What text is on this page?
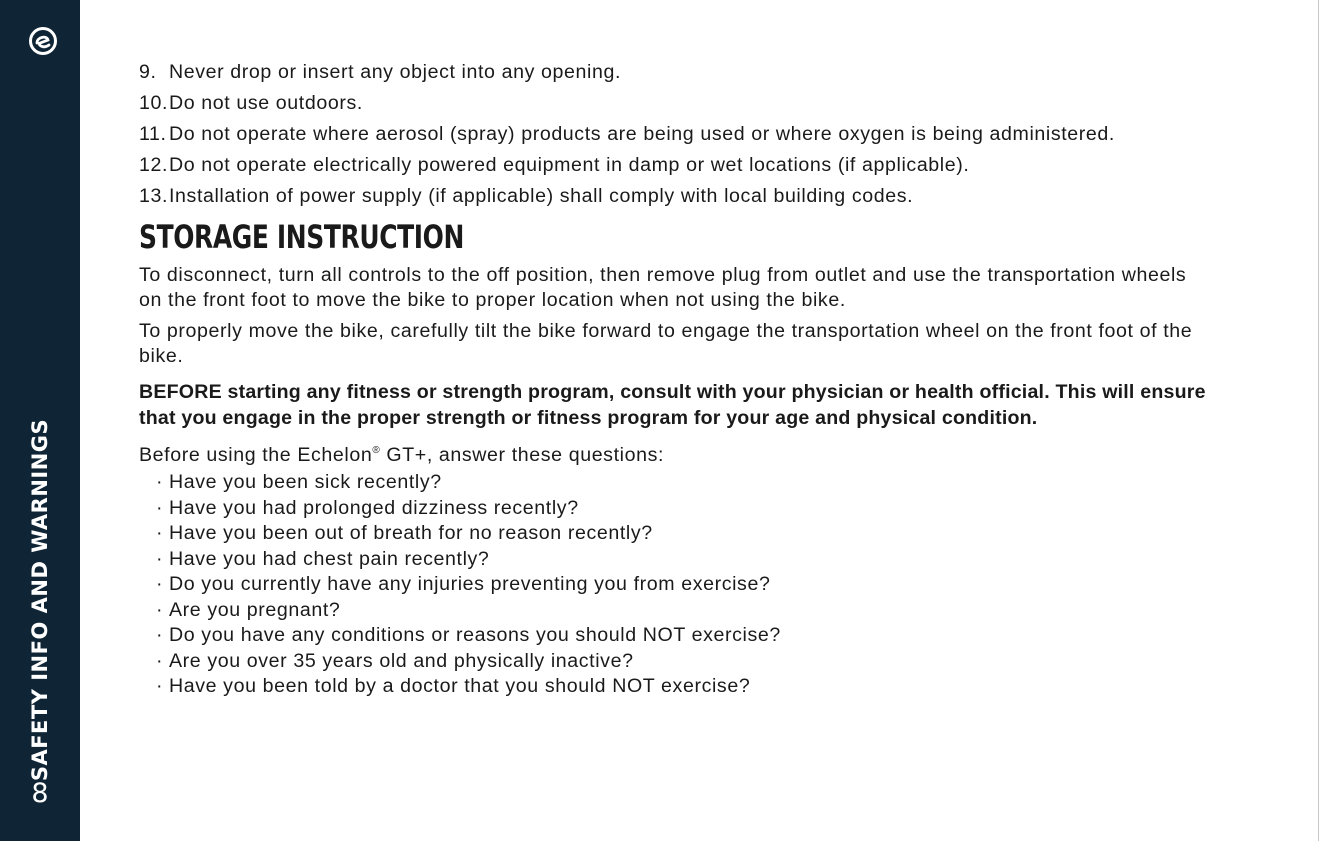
SAFETY INFO AND WARNINGS
8
9. Never drop or insert any object into any opening.
10. Do not use outdoors.
11. Do not operate where aerosol (spray) products are being used or where oxygen is being administered.
12. Do not operate electrically powered equipment in damp or wet locations (if applicable).
13. Installation of power supply (if applicable) shall comply with local building codes.
STORAGE INSTRUCTION

To disconnect, turn all controls to the off position, then remove plug from outlet and use the transportation wheels on the front foot to move the bike to proper location when not using the bike.

To properly move the bike, carefully tilt the bike forward to engage the transportation wheel on the front foot of the bike.

BEFORE starting any fitness or strength program, consult with your physician or health official. This will ensure that you engage in the proper strength or fitness program for your age and physical condition.

Before using the Echelon® GT+, answer these questions:

· Have you been sick recently?
· Have you had prolonged dizziness recently?
· Have you been out of breath for no reason recently?
· Have you had chest pain recently?
· Do you currently have any injuries preventing you from exercise?
· Are you pregnant?
· Do you have any conditions or reasons you should NOT exercise?
· Are you over 35 years old and physically inactive?
· Have you been told by a doctor that you should NOT exercise?
